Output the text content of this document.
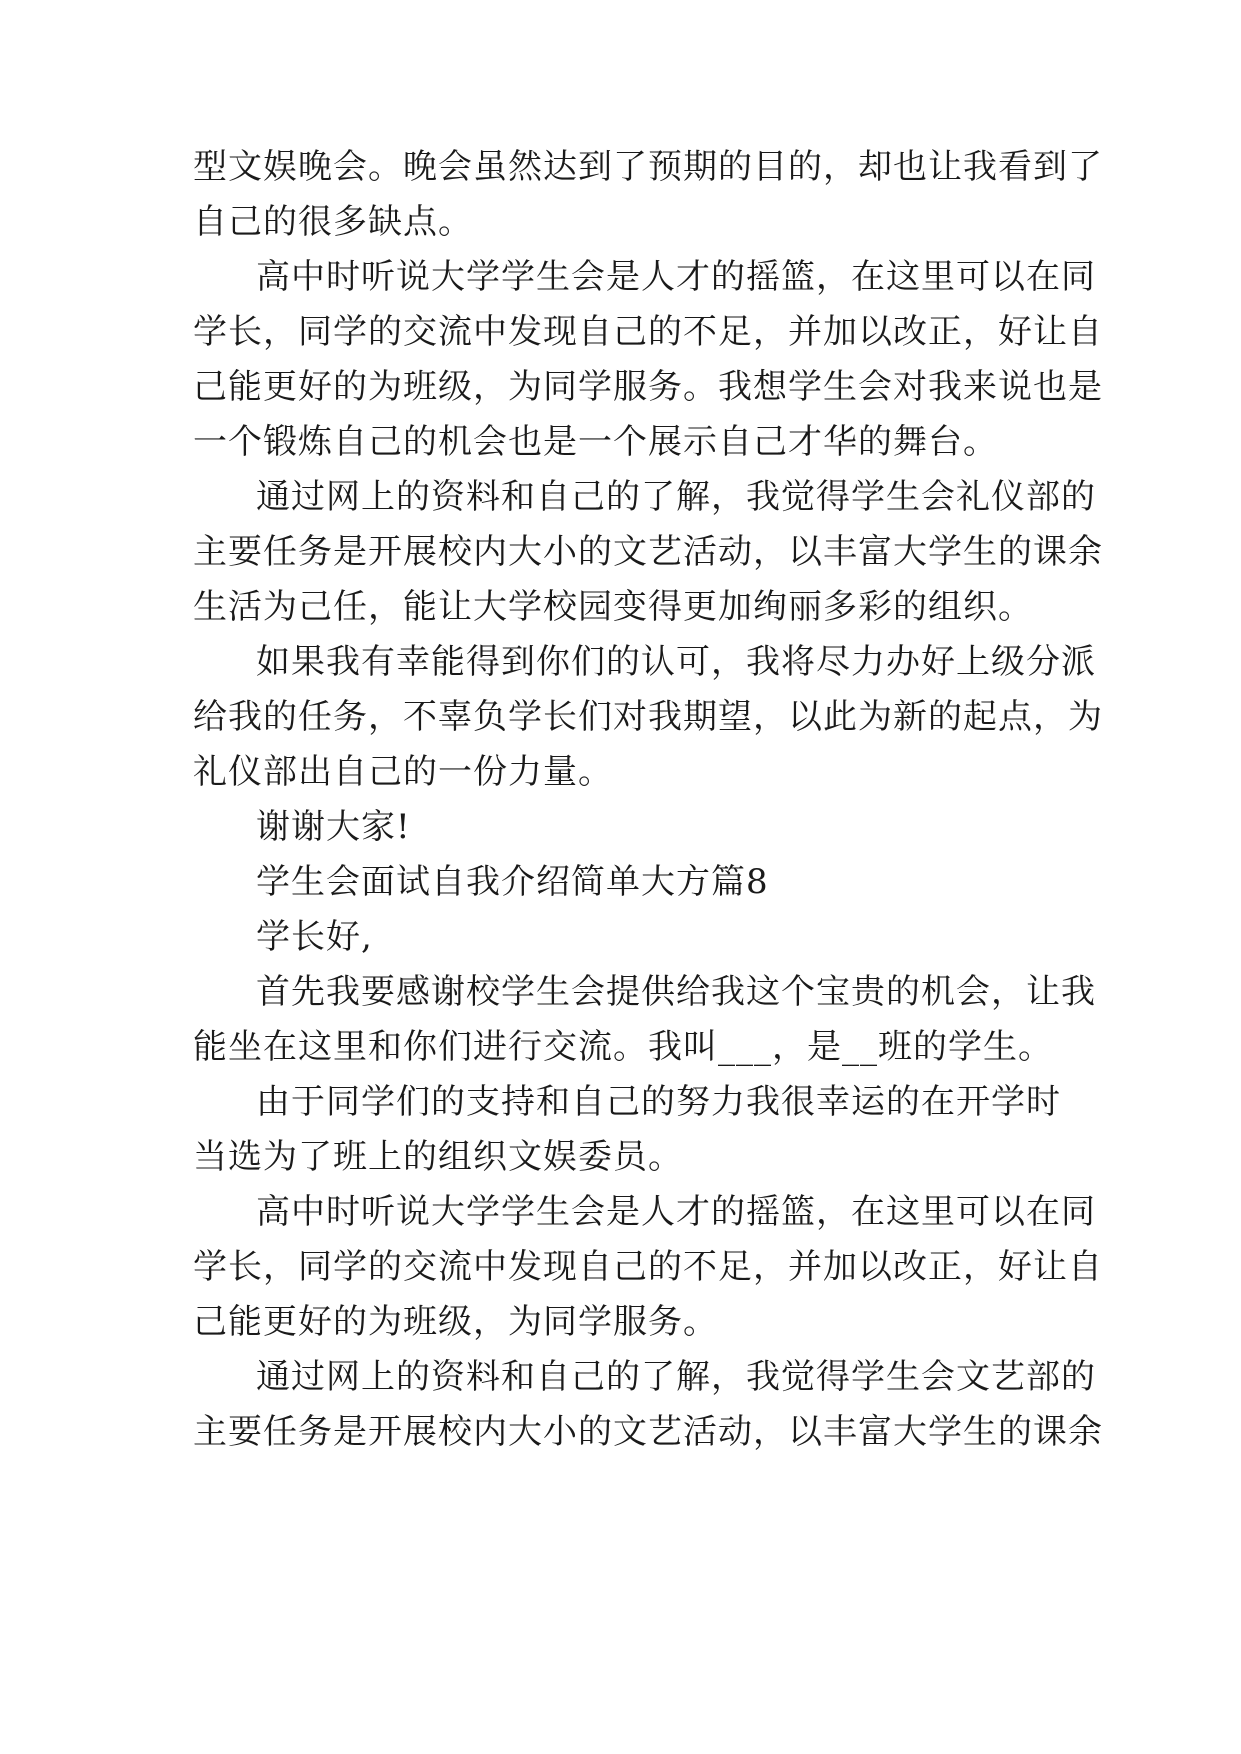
型文娱晚会。晚会虽然达到了预期的目的，却也让我看到了
自己的很多缺点。
高中时听说大学学生会是人才的摇篮，在这里可以在同
学长，同学的交流中发现自己的不足，并加以改正，好让自
己能更好的为班级，为同学服务。我想学生会对我来说也是
一个锻炼自己的机会也是一个展示自己才华的舞台。
通过网上的资料和自己的了解，我觉得学生会礼仪部的
主要任务是开展校内大小的文艺活动，以丰富大学生的课余
生活为己任，能让大学校园变得更加绚丽多彩的组织。
如果我有幸能得到你们的认可，我将尽力办好上级分派
给我的任务，不辜负学长们对我期望，以此为新的起点，为
礼仪部出自己的一份力量。
谢谢大家!
学生会面试自我介绍简单大方篇8
学长好,
首先我要感谢校学生会提供给我这个宝贵的机会，让我
能坐在这里和你们进行交流。我叫___，是__班的学生。
由于同学们的支持和自己的努力我很幸运的在开学时
当选为了班上的组织文娱委员。
高中时听说大学学生会是人才的摇篮，在这里可以在同
学长，同学的交流中发现自己的不足，并加以改正，好让自
己能更好的为班级，为同学服务。
通过网上的资料和自己的了解，我觉得学生会文艺部的
主要任务是开展校内大小的文艺活动，以丰富大学生的课余
